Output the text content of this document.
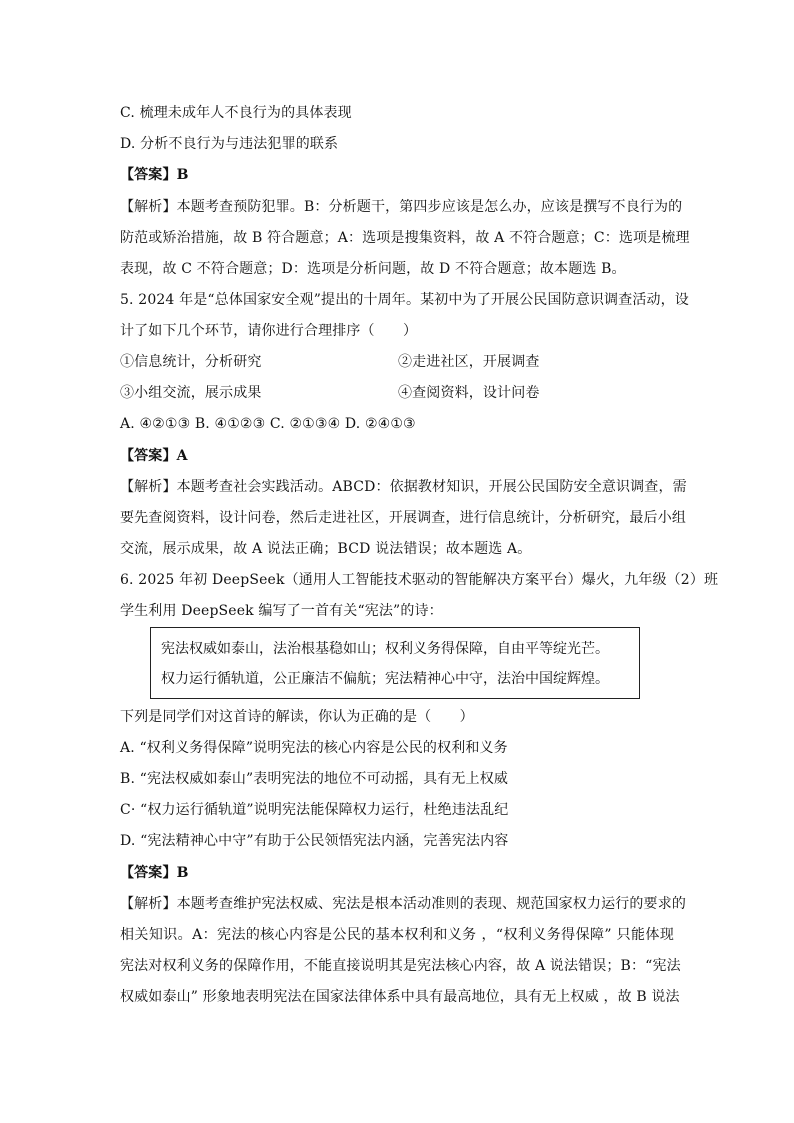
C. 梳理未成年人不良行为的具体表现
D. 分析不良行为与违法犯罪的联系
【答案】B
【解析】本题考查预防犯罪。B：分析题干，第四步应该是怎么办，应该是撰写不良行为的
防范或矫治措施，故 B 符合题意；A：选项是搜集资料，故 A 不符合题意；C：选项是梳理
表现，故 C 不符合题意；D：选项是分析问题，故 D 不符合题意；故本题选 B。
5. 2024 年是“总体国家安全观”提出的十周年。某初中为了开展公民国防意识调查活动，设
计了如下几个环节，请你进行合理排序（　　）
①信息统计，分析研究	②走进社区，开展调查
③小组交流，展示成果	④查阅资料，设计问卷
A. ④②①③ B. ④①②③ C. ②①③④ D. ②④①③
【答案】A
【解析】本题考查社会实践活动。ABCD：依据教材知识，开展公民国防安全意识调查，需
要先查阅资料，设计问卷，然后走进社区，开展调查，进行信息统计，分析研究，最后小组
交流，展示成果，故 A 说法正确；BCD 说法错误；故本题选 A。
6. 2025 年初 DeepSeek（通用人工智能技术驱动的智能解决方案平台）爆火，九年级（2）班
学生利用 DeepSeek 编写了一首有关“宪法”的诗：
宪法权威如泰山，法治根基稳如山；权利义务得保障，自由平等绽光芒。
权力运行循轨道，公正廉洁不偏航；宪法精神心中守，法治中国绽辉煌。
下列是同学们对这首诗的解读，你认为正确的是（　　）
A. “权利义务得保障”说明宪法的核心内容是公民的权利和义务
B. “宪法权威如泰山”表明宪法的地位不可动摇，具有无上权威
C· “权力运行循轨道”说明宪法能保障权力运行，杜绝违法乱纪
D. “宪法精神心中守”有助于公民领悟宪法内涵，完善宪法内容
【答案】B
【解析】本题考查维护宪法权威、宪法是根本活动准则的表现、规范国家权力运行的要求的
相关知识。A：宪法的核心内容是公民的基本权利和义务 ，“权利义务得保障” 只能体现
宪法对权利义务的保障作用，不能直接说明其是宪法核心内容，故 A 说法错误；B：“宪法
权威如泰山” 形象地表明宪法在国家法律体系中具有最高地位，具有无上权威 ，故 B 说法
